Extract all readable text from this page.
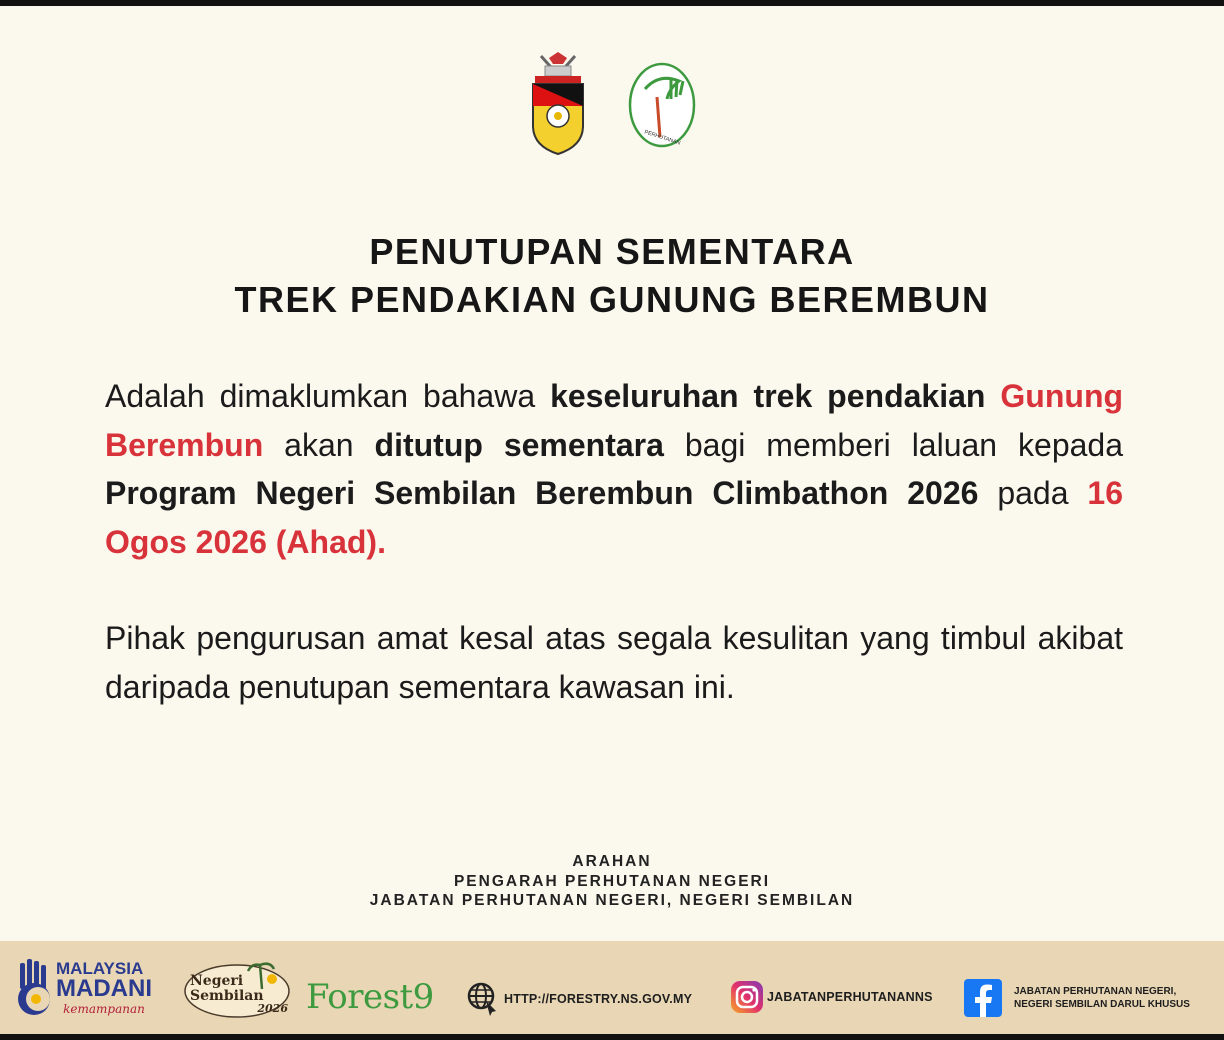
PERHUTANAN
PENUTUPAN SEMENTARA
TREK PENDAKIAN GUNUNG BEREMBUN
Adalah dimaklumkan bahawa keseluruhan trek pendakian Gunung Berembun akan ditutup sementara bagi memberi laluan kepada Program Negeri Sembilan Berembun Climbathon 2026 pada 16 Ogos 2026 (Ahad).
Pihak pengurusan amat kesal atas segala kesulitan yang timbul akibat daripada penutupan sementara kawasan ini.
ARAHAN
PENGARAH PERHUTANAN NEGERI
JABATAN PERHUTANAN NEGERI, NEGERI SEMBILAN
MALAYSIA
MADANI
kemampanan
Negeri
Sembilan
2026 Forest9	HTTP://FORESTRY.NS.GOV.MY	JABATANPERHUTANANNS	JABATAN PERHUTANAN NEGERI,
NEGERI SEMBILAN DARUL KHUSUS
